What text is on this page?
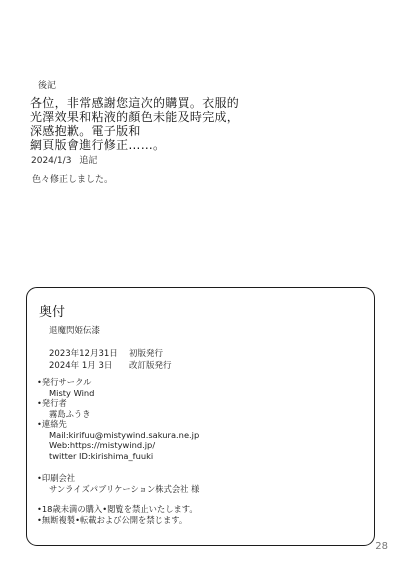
後記
各位，非常感謝您這次的購買。衣服的
光澤效果和粘液的顏色未能及時完成，
深感抱歉。電子版和
網頁版會進行修正……。
2024/1/3 追記
色々修正しました。
奥付
退魔閃姫伝漆
2023年12月31日 初版発行
2024年 1月 3日 改訂版発行
•発行サークル
Misty Wind
•発行者
霧島ふうき
•連絡先
Mail:kirifuu@mistywind.sakura.ne.jp
Web:https://mistywind.jp/
twitter ID:kirishima_fuuki
•印刷会社
サンライズパブリケーション株式会社 様
•18歳未満の購入•閲覧を禁止いたします。
•無断複製•転載および公開を禁じます。
28
